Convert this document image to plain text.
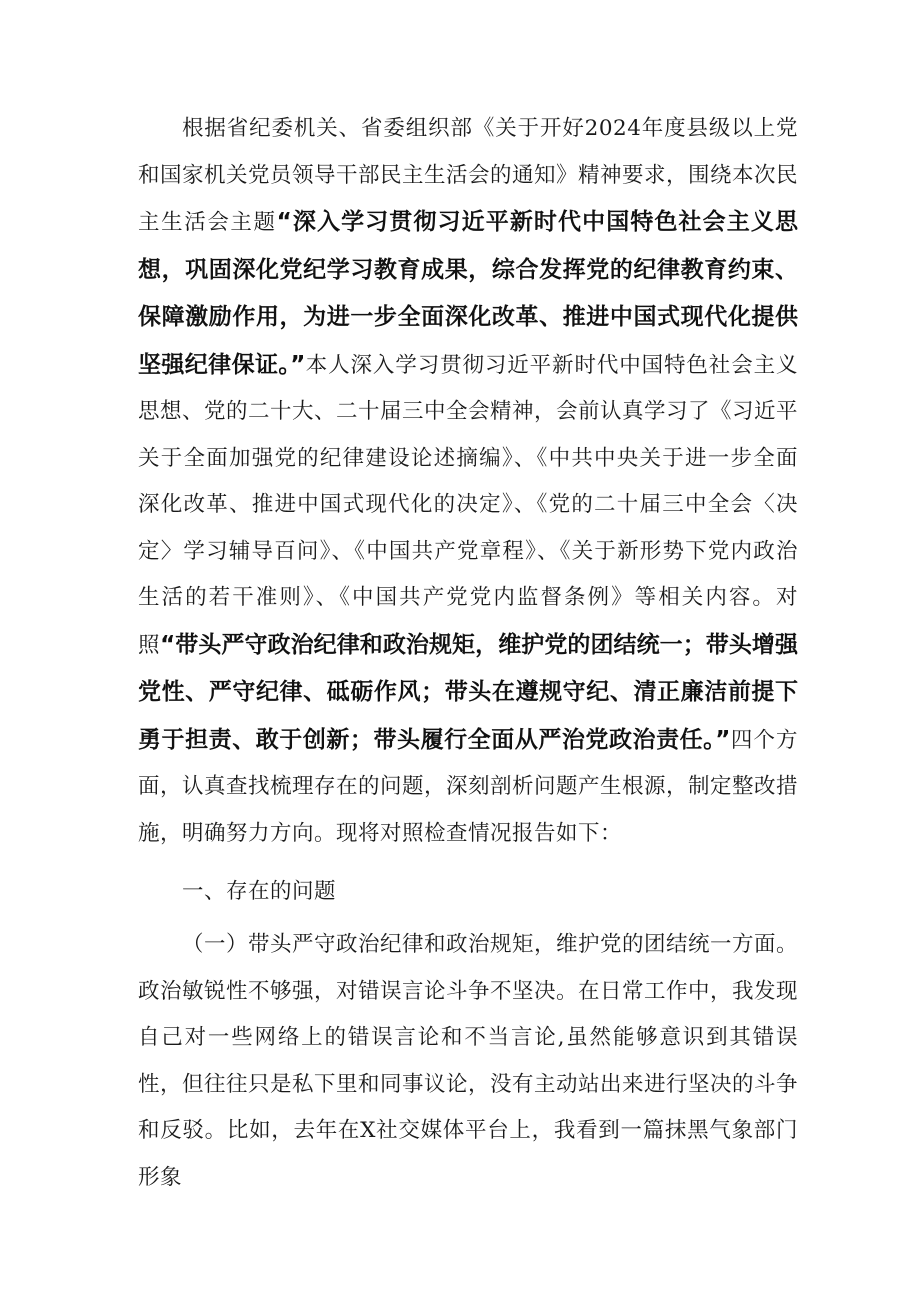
根据省纪委机关、省委组织部《关于开好2024年度县级以上党和国家机关党员领导干部民主生活会的通知》精神要求，围绕本次民主生活会主题“深入学习贯彻习近平新时代中国特色社会主义思想，巩固深化党纪学习教育成果，综合发挥党的纪律教育约束、保障激励作用，为进一步全面深化改革、推进中国式现代化提供坚强纪律保证。”本人深入学习贯彻习近平新时代中国特色社会主义思想、党的二十大、二十届三中全会精神，会前认真学习了《习近平关于全面加强党的纪律建设论述摘编》、《中共中央关于进一步全面深化改革、推进中国式现代化的决定》、《党的二十届三中全会〈决定〉学习辅导百问》、《中国共产党章程》、《关于新形势下党内政治生活的若干准则》、《中国共产党党内监督条例》等相关内容。对照“带头严守政治纪律和政治规矩，维护党的团结统一；带头增强党性、严守纪律、砥砺作风；带头在遵规守纪、清正廉洁前提下勇于担责、敢于创新；带头履行全面从严治党政治责任。”四个方面，认真查找梳理存在的问题，深刻剖析问题产生根源，制定整改措施，明确努力方向。现将对照检查情况报告如下：

一、存在的问题

（一）带头严守政治纪律和政治规矩，维护党的团结统一方面。政治敏锐性不够强，对错误言论斗争不坚决。在日常工作中，我发现自己对一些网络上的错误言论和不当言论,虽然能够意识到其错误性，但往往只是私下里和同事议论，没有主动站出来进行坚决的斗争和反驳。比如，去年在X社交媒体平台上，我看到一篇抹黑气象部门形象
